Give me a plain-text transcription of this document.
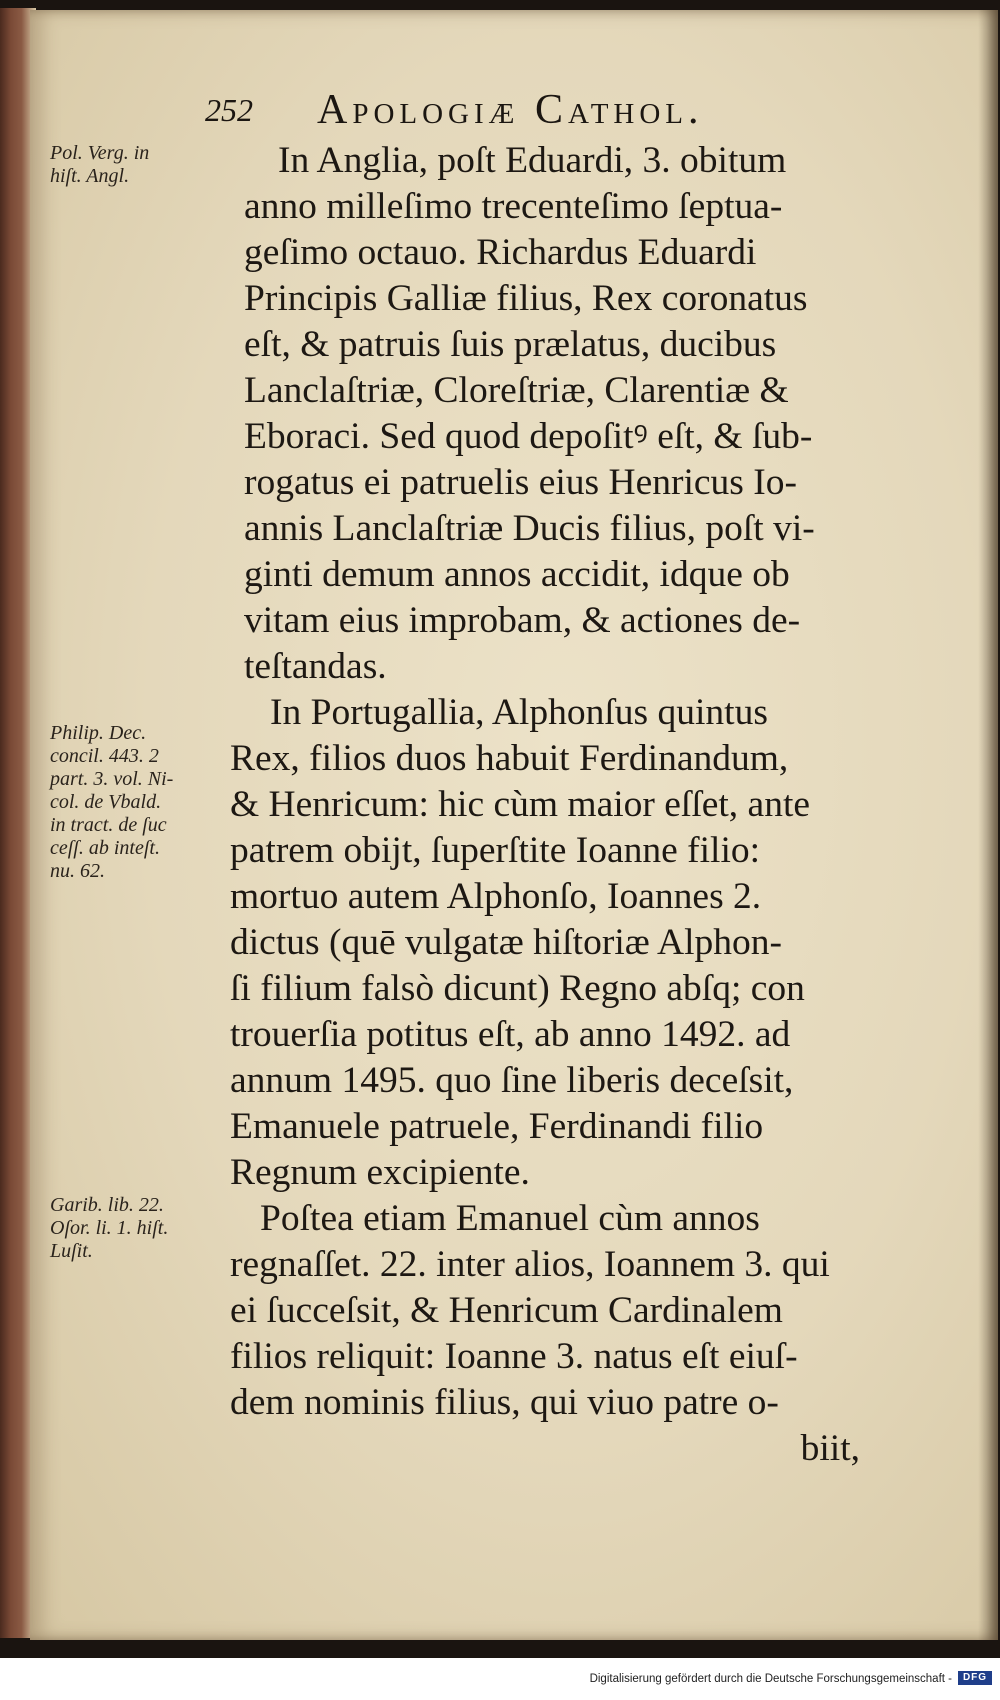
252 Apologiæ Cathol.
Pol. Verg. in
hiſt. Angl.
Philip. Dec.
concil. 443. 2
part. 3. vol. Ni-
col. de Vbald.
in tract. de ſuc
ceſſ. ab inteſt.
nu. 62.
Garib. lib. 22.
Oſor. li. 1. hiſt.
Luſit.
In Anglia, poſt Eduardi, 3. obitum
anno milleſimo trecenteſimo ſeptua-
geſimo octauo. Richardus Eduardi
Principis Galliæ filius, Rex coronatus
eſt, & patruis ſuis prælatus, ducibus
Lanclaſtriæ, Cloreſtriæ, Clarentiæ &
Eboraci. Sed quod depoſitꝰ eſt, & ſub-
rogatus ei patruelis eius Henricus Io-
annis Lanclaſtriæ Ducis filius, poſt vi-
ginti demum annos accidit, idque ob
vitam eius improbam, & actiones de-
teſtandas.
In Portugallia, Alphonſus quintus
Rex, filios duos habuit Ferdinandum,
& Henricum: hic cùm maior eſſet, ante
patrem obijt, ſuperſtite Ioanne filio:
mortuo autem Alphonſo, Ioannes 2.
dictus (quē vulgatæ hiſtoriæ Alphon-
ſi filium falsò dicunt) Regno abſq; con
trouerſia potitus eſt, ab anno 1492. ad
annum 1495. quo ſine liberis deceſsit,
Emanuele patruele, Ferdinandi filio
Regnum excipiente.
Poſtea etiam Emanuel cùm annos
regnaſſet. 22. inter alios, Ioannem 3. qui
ei ſucceſsit, & Henricum Cardinalem
filios reliquit: Ioanne 3. natus eſt eiuſ-
dem nominis filius, qui viuo patre o-
biit,
Digitalisierung gefördert durch die Deutsche Forschungsgemeinschaft -	DFG
